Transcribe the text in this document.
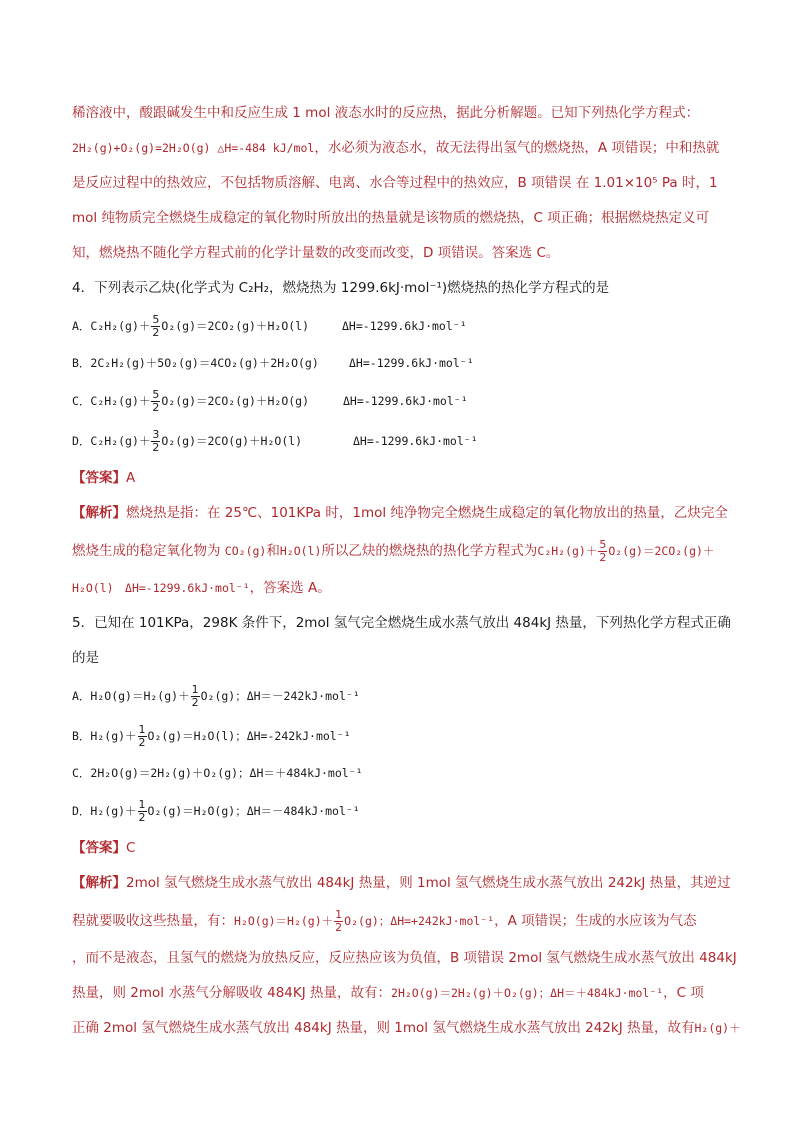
稀溶液中，酸跟碱发生中和反应生成 1 mol 液态水时的反应热，据此分析解题。已知下列热化学方程式：
2H₂(g)+O₂(g)=2H₂O(g) △H=-484 kJ/mol，水必须为液态水，故无法得出氢气的燃烧热，A 项错误；中和热就
是反应过程中的热效应，不包括物质溶解、电离、水合等过程中的热效应，B 项错误 在 1.01×10⁵ Pa 时，1
mol 纯物质完全燃烧生成稳定的氧化物时所放出的热量就是该物质的燃烧热，C 项正确；根据燃烧热定义可
知，燃烧热不随化学方程式前的化学计量数的改变而改变，D 项错误。答案选 C。
4．下列表示乙炔(化学式为 C₂H₂，燃烧热为 1299.6kJ·mol⁻¹)燃烧热的热化学方程式的是
A．$C_2H_2(g)+ \frac{5}{2} O_2(g)=2CO_2(g)+H_2O(l)$	ΔH=-1299.6kJ·mol⁻¹
B．2C₂H₂(g)＋5O₂(g)＝4CO₂(g)＋2H₂O(g)	ΔH=-1299.6kJ·mol⁻¹
C．$C_2H_2(g)+ \frac{5}{2} O_2(g)=2CO_2(g)+H_2O(g)$	ΔH=-1299.6kJ·mol⁻¹
D．$C_2H_2(g)+ \frac{3}{2} O_2(g)=2CO(g)+H_2O(l)$	ΔH=-1299.6kJ·mol⁻¹
【答案】A
【解析】燃烧热是指：在 25℃、101KPa 时，1mol 纯净物完全燃烧生成稳定的氧化物放出的热量，乙炔完全
燃烧生成的稳定氧化物为 CO₂(g)和H₂O(l)所以乙炔的燃烧热的热化学方程式为$C_2H_2(g)+ \frac{5}{2} O_2(g)=2CO_2(g)+$
H₂O(l)　ΔH=-1299.6kJ·mol⁻¹，答案选 A。
5．已知在 101KPa，298K 条件下，2mol 氢气完全燃烧生成水蒸气放出 484kJ 热量，下列热化学方程式正确
的是
A．$H_2O(g)=H_2(g)+ \frac{1}{2} O_2(g)$；ΔH＝－242kJ·mol⁻¹
B．$H_2(g)+ \frac{1}{2} O_2(g)=H_2O(l)$；ΔH=-242kJ·mol⁻¹
C．2H₂O(g)＝2H₂(g)＋O₂(g)；ΔH＝＋484kJ·mol⁻¹
D．$H_2(g)+ \frac{1}{2} O_2(g)=H_2O(g)$；ΔH＝－484kJ·mol⁻¹
【答案】C
【解析】2mol 氢气燃烧生成水蒸气放出 484kJ 热量，则 1mol 氢气燃烧生成水蒸气放出 242kJ 热量，其逆过
程就要吸收这些热量，有：$H_2O(g)=H_2(g)+ \frac{1}{2} O_2(g)$；ΔH=+242kJ·mol⁻¹，A 项错误；生成的水应该为气态
，而不是液态，且氢气的燃烧为放热反应，反应热应该为负值，B 项错误 2mol 氢气燃烧生成水蒸气放出 484kJ
热量，则 2mol 水蒸气分解吸收 484KJ 热量，故有：2H₂O(g)＝2H₂(g)＋O₂(g)；ΔH＝＋484kJ·mol⁻¹，C 项
正确 2mol 氢气燃烧生成水蒸气放出 484kJ 热量，则 1mol 氢气燃烧生成水蒸气放出 242kJ 热量，故有H₂(g)＋
